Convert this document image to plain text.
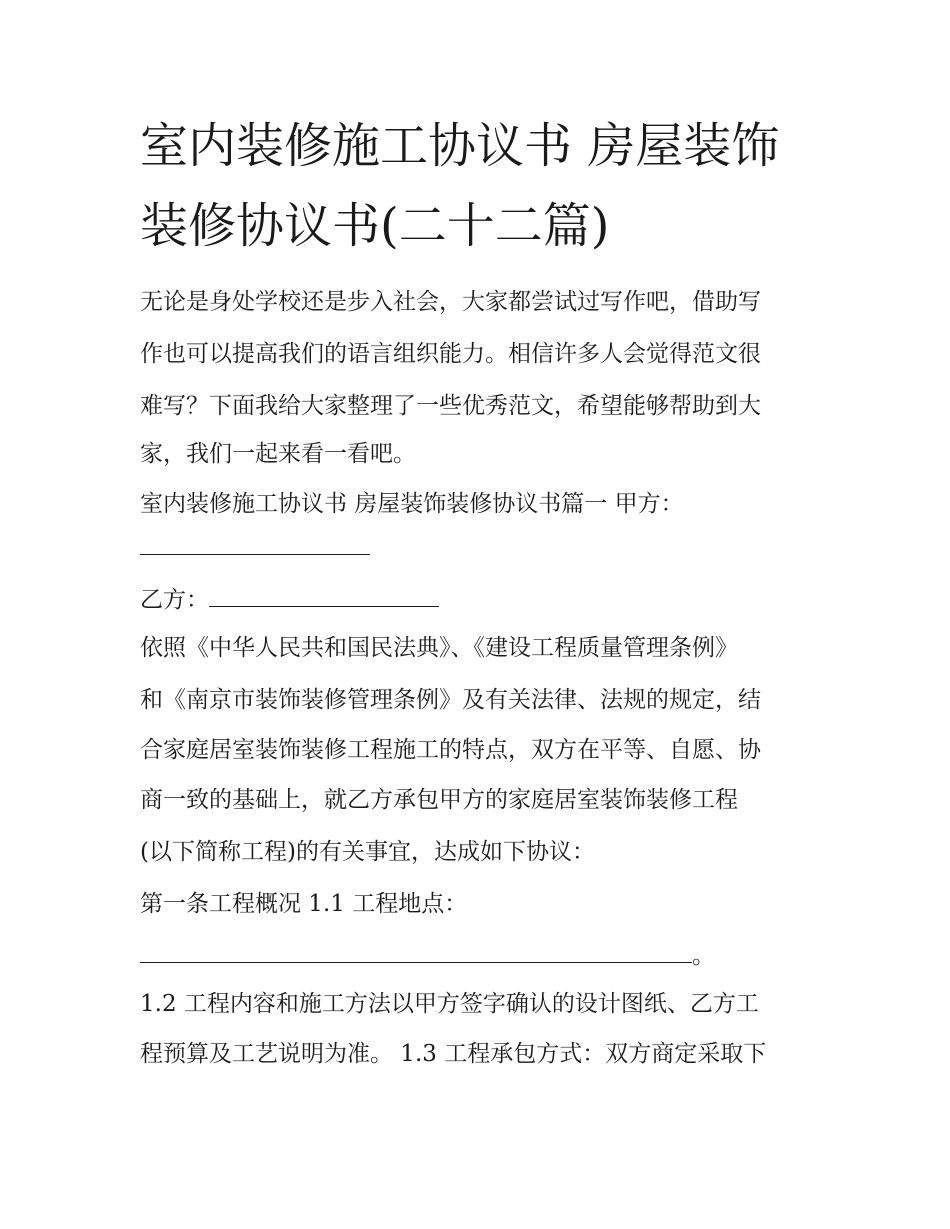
室内装修施工协议书 房屋装饰
装修协议书(二十二篇)
无论是身处学校还是步入社会，大家都尝试过写作吧，借助写
作也可以提高我们的语言组织能力。相信许多人会觉得范文很
难写？下面我给大家整理了一些优秀范文，希望能够帮助到大
家，我们一起来看一看吧。
室内装修施工协议书 房屋装饰装修协议书篇一 甲方：
乙方：
依照《中华人民共和国民法典》、《建设工程质量管理条例》
和《南京市装饰装修管理条例》及有关法律、法规的规定，结
合家庭居室装饰装修工程施工的特点，双方在平等、自愿、协
商一致的基础上，就乙方承包甲方的家庭居室装饰装修工程
(以下简称工程)的有关事宜，达成如下协议：
第一条工程概况 1.1 工程地点：
。
1.2 工程内容和施工方法以甲方签字确认的设计图纸、乙方工
程预算及工艺说明为准。 1.3 工程承包方式：双方商定采取下
